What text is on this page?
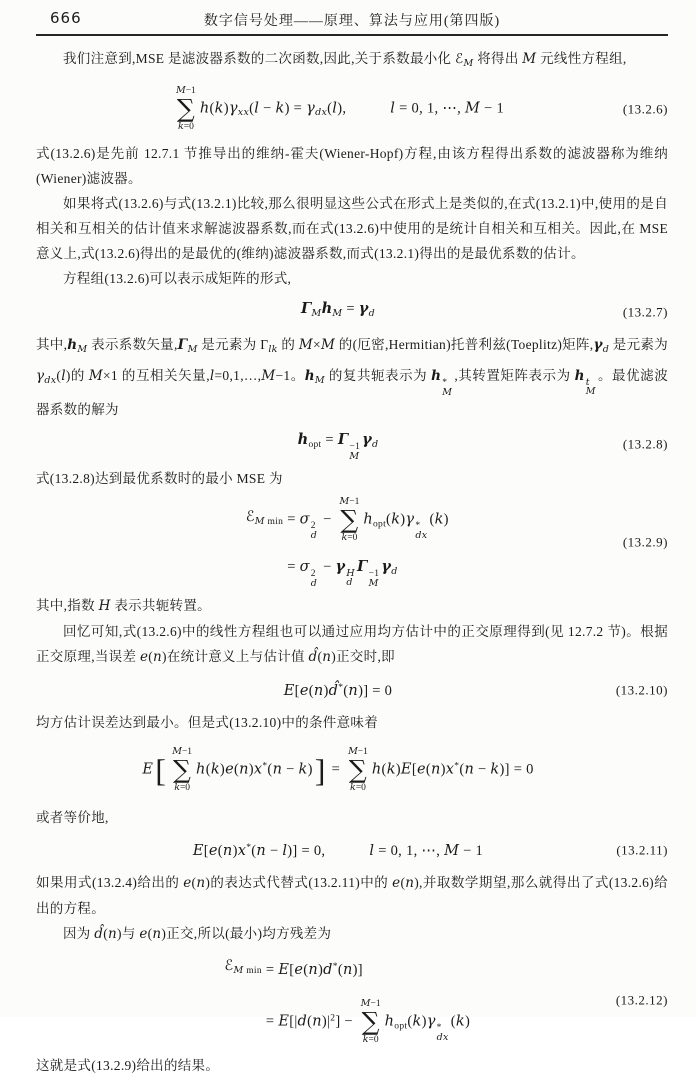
666	数字信号处理——原理、算法与应用(第四版)

我们注意到,MSE 是滤波器系数的二次函数,因此,关于系数最小化 ℰ$_M$ 将得出 M 元线性方程组,

M−1
∑
k=0
$h(k)\gamma_{xx}(l - k) = \gamma_{dx}(l)$,	l = 0, 1, ⋯, M − 1	(13.2.6)

式(13.2.6)是先前 12.7.1 节推导出的维纳-霍夫(Wiener-Hopf)方程,由该方程得出系数的滤波器称为维纳(Wiener)滤波器。

如果将式(13.2.6)与式(13.2.1)比较,那么很明显这些公式在形式上是类似的,在式(13.2.1)中,使用的是自相关和互相关的估计值来求解滤波器系数,而在式(13.2.6)中使用的是统计自相关和互相关。因此,在 MSE 意义上,式(13.2.6)得出的是最优的(维纳)滤波器系数,而式(13.2.1)得出的是最优系数的估计。

方程组(13.2.6)可以表示成矩阵的形式,

$\Gamma_Mh_M = \gamma_d$	(13.2.7)

其中$,h_M$ 表示系数矢量$,\Gamma_M$ 是元素为 $\Gamma_{lk}$ 的 M×M 的(厄密,Hermitian)托普利兹(Toeplitz)矩阵$,\gamma_d$ 是元素为 $\gamma_{dx}(l)$的 M×1 的互相关矢量,l=0,1,…,M−1。$h_M$ 的复共轭表示为 h *
M
,其转置矩阵表示为 h t
M
。最优滤波器系数的解为

$h_{opt} = \Gamma -1$
M
$\gamma_d$	(13.2.8)

式(13.2.8)达到最优系数时的最小 MSE 为

ℰ$_{M min}$ = σ 2
d
−
M−1
∑
k=0
$h_{opt}(k)\gamma$ *
dx
(k)
= σ 2
d
− γ H
d
Γ −1
M
$\gamma_d$
(13.2.9)

其中,指数 H 表示共轭转置。

回忆可知,式(13.2.6)中的线性方程组也可以通过应用均方估计中的正交原理得到(见 12.7.2 节)。根据正交原理,当误差 e(n)在统计意义上与估计值 d̂(n)正交时,即

E[e(n)d̂*(n)] = 0	(13.2.10)

均方估计误差达到最小。但是式(13.2.10)中的条件意味着

E[
M−1
∑
k=0
h(k)e(n)x*(n − k)] =
M−1
∑
k=0
h(k)E[e(n)x*(n − k)] = 0

或者等价地,

E[e(n)x*(n − l)] = 0,	l = 0, 1, ⋯, M − 1	(13.2.11)

如果用式(13.2.4)给出的 e(n)的表达式代替式(13.2.11)中的 e(n),并取数学期望,那么就得出了式(13.2.6)给出的方程。

因为 d̂(n)与 e(n)正交,所以(最小)均方残差为

ℰ$_{M min}$ = E[e(n)d*(n)]
= $E[|d(n)|^2]$ −
M−1
∑
k=0
$h_{opt}(k)\gamma$ *
dx
(k)
(13.2.12)

这就是式(13.2.9)给出的结果。
